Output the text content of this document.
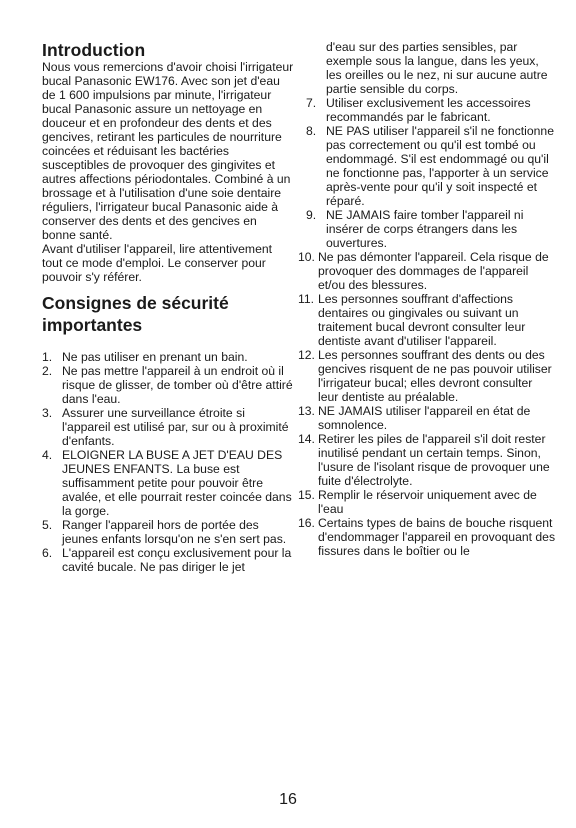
Introduction

Nous vous remercions d'avoir choisi l'irrigateur bucal Panasonic EW176. Avec son jet d'eau de 1 600 impulsions par minute, l'irrigateur bucal Panasonic assure un nettoyage en douceur et en profondeur des dents et des gencives, retirant les particules de nourriture coincées et réduisant les bactéries susceptibles de provoquer des gingivites et autres affections périodontales. Combiné à un brossage et à l'utilisation d'une soie dentaire réguliers, l'irrigateur bucal Panasonic aide à conserver des dents et des gencives en bonne santé.

Avant d'utiliser l'appareil, lire attentivement tout ce mode d'emploi. Le conserver pour pouvoir s'y référer.

Consignes de sécurité importantes
1. Ne pas utiliser en prenant un bain.
2. Ne pas mettre l'appareil à un endroit où il risque de glisser, de tomber où d'être attiré dans l'eau.
3. Assurer une surveillance étroite si l'appareil est utilisé par, sur ou à proximité d'enfants.
4. ELOIGNER LA BUSE A JET D'EAU DES JEUNES ENFANTS. La buse est suffisamment petite pour pouvoir être avalée, et elle pourrait rester coincée dans la gorge.
5. Ranger l'appareil hors de portée des jeunes enfants lorsqu'on ne s'en sert pas.
6. L'appareil est conçu exclusivement pour la cavité bucale. Ne pas diriger le jet

d'eau sur des parties sensibles, par exemple sous la langue, dans les yeux, les oreilles ou le nez, ni sur aucune autre partie sensible du corps.

7. Utiliser exclusivement les accessoires recommandés par le fabricant.
8. NE PAS utiliser l'appareil s'il ne fonctionne pas correctement ou qu'il est tombé ou endommagé. S'il est endommagé ou qu'il ne fonctionne pas, l'apporter à un service après-vente pour qu'il y soit inspecté et réparé.
9. NE JAMAIS faire tomber l'appareil ni insérer de corps étrangers dans les ouvertures.
10. Ne pas démonter l'appareil. Cela risque de provoquer des dommages de l'appareil et/ou des blessures.
11. Les personnes souffrant d'affections dentaires ou gingivales ou suivant un traitement bucal devront consulter leur dentiste avant d'utiliser l'appareil.
12. Les personnes souffrant des dents ou des gencives risquent de ne pas pouvoir utiliser l'irrigateur bucal; elles devront consulter leur dentiste au préalable.
13. NE JAMAIS utiliser l'appareil en état de somnolence.
14. Retirer les piles de l'appareil s'il doit rester inutilisé pendant un certain temps. Sinon, l'usure de l'isolant risque de provoquer une fuite d'électrolyte.
15. Remplir le réservoir uniquement avec de l'eau
16. Certains types de bains de bouche risquent d'endommager l'appareil en provoquant des fissures dans le boîtier ou le
16
